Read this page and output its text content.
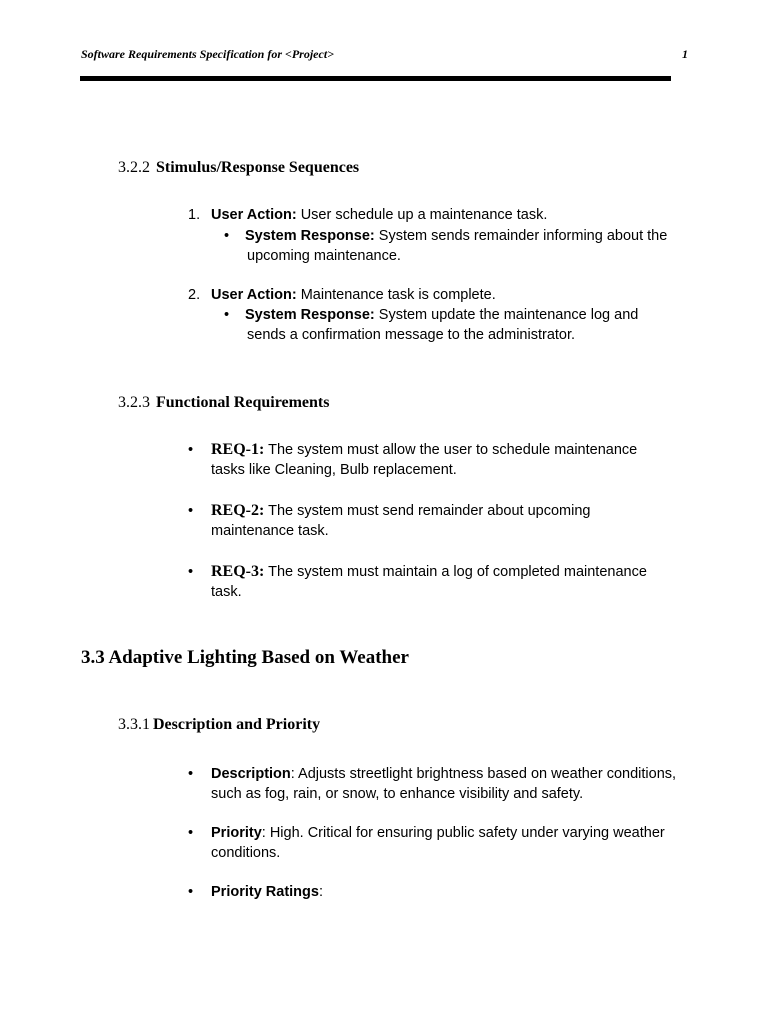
Software Requirements Specification for <Project>	1
3.2.2 Stimulus/Response Sequences
1. User Action: User schedule up a maintenance task.
• System Response: System sends remainder informing about the
upcoming maintenance.
2. User Action: Maintenance task is complete.
• System Response: System update the maintenance log and
sends a confirmation message to the administrator.
3.2.3 Functional Requirements
• REQ-1: The system must allow the user to schedule maintenance tasks like Cleaning, Bulb replacement.
• REQ-2: The system must send remainder about upcoming maintenance task.
• REQ-3: The system must maintain a log of completed maintenance task.
3.3 Adaptive Lighting Based on Weather
3.3.1 Description and Priority
• Description: Adjusts streetlight brightness based on weather conditions, such as fog, rain, or snow, to enhance visibility and safety.
• Priority: High. Critical for ensuring public safety under varying weather conditions.
• Priority Ratings:
